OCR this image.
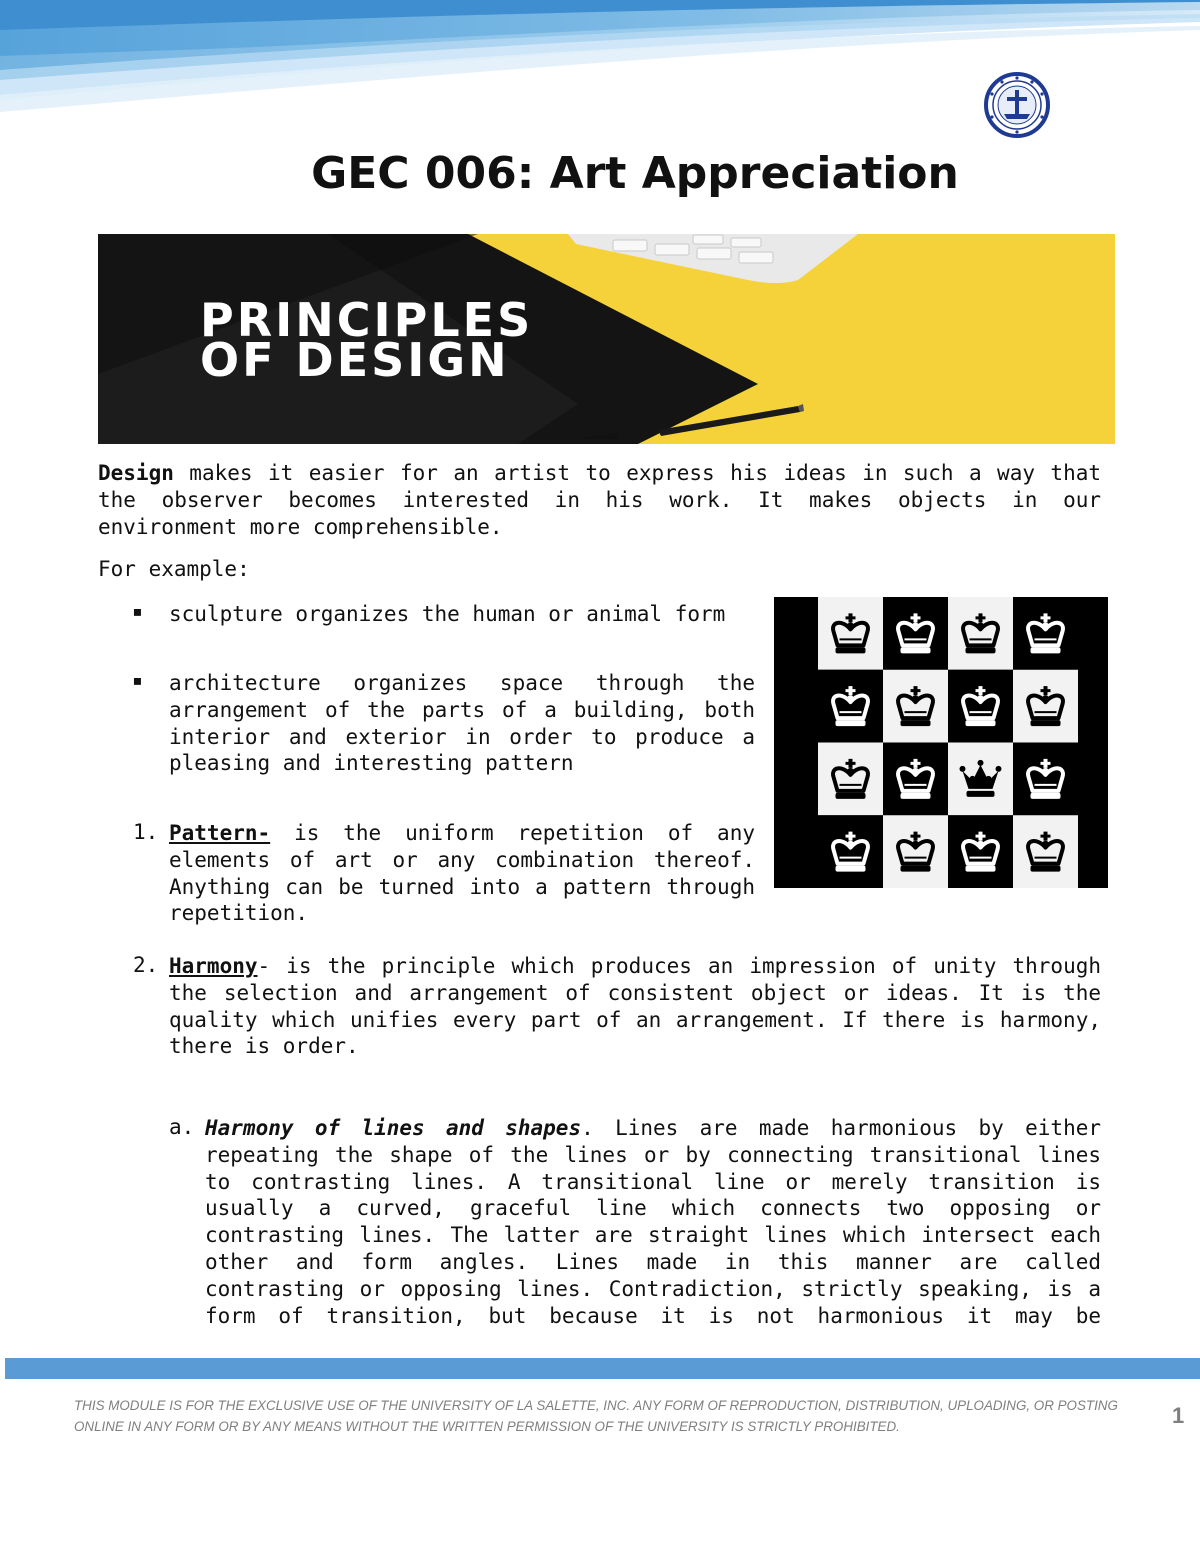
GEC 006: Art Appreciation
PRINCIPLES
OF DESIGN
Design makes it easier for an artist to express his ideas in such a way that the observer becomes interested in his work. It makes objects in our environment more comprehensible.
For example:
▪ sculpture organizes the human or animal form
▪ architecture organizes space through the arrangement of the parts of a building, both interior and exterior in order to produce a pleasing and interesting pattern
1. Pattern- is the uniform repetition of any elements of art or any combination thereof. Anything can be turned into a pattern through repetition.
2. Harmony- is the principle which produces an impression of unity through the selection and arrangement of consistent object or ideas. It is the quality which unifies every part of an arrangement. If there is harmony, there is order.
a. Harmony of lines and shapes. Lines are made harmonious by either repeating the shape of the lines or by connecting transitional lines to contrasting lines. A transitional line or merely transition is usually a curved, graceful line which connects two opposing or contrasting lines. The latter are straight lines which intersect each other and form angles. Lines made in this manner are called contrasting or opposing lines. Contradiction, strictly speaking, is a form of transition, but because it is not harmonious it may be
THIS MODULE IS FOR THE EXCLUSIVE USE OF THE UNIVERSITY OF LA SALETTE, INC. ANY FORM OF REPRODUCTION, DISTRIBUTION, UPLOADING, OR POSTING ONLINE IN ANY FORM OR BY ANY MEANS WITHOUT THE WRITTEN PERMISSION OF THE UNIVERSITY IS STRICTLY PROHIBITED.	1
